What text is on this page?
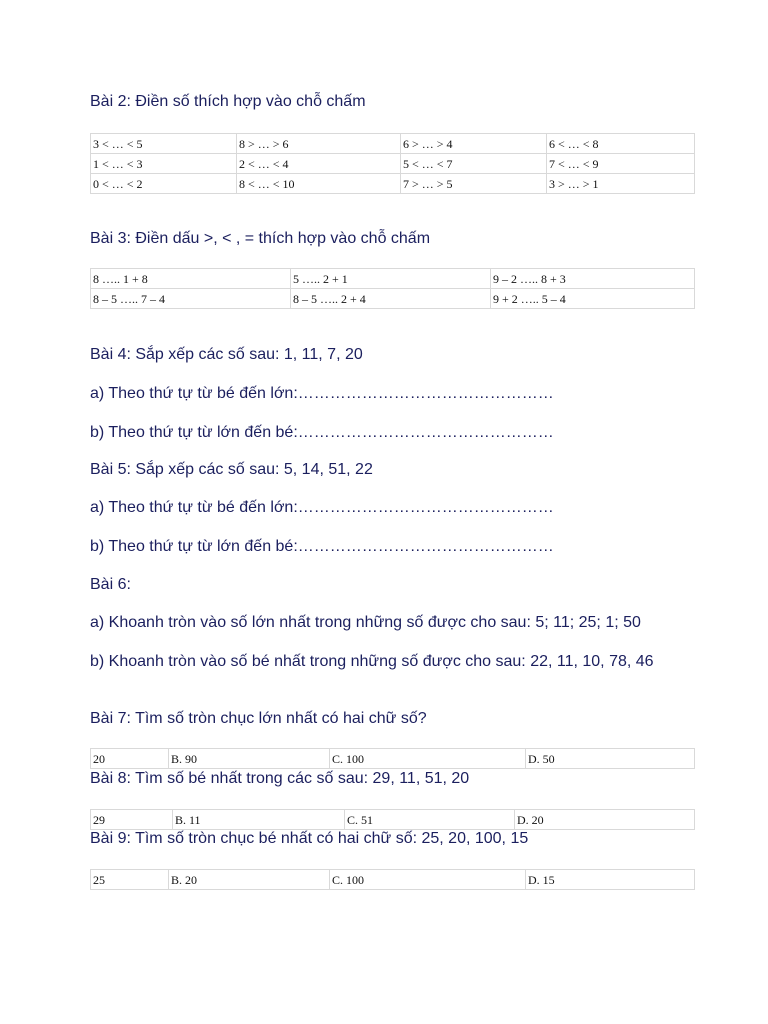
Bài 2: Điền số thích hợp vào chỗ chấm
3 < … < 5	8 > … > 6	6 > … > 4	6 < … < 8
1 < … < 3	2 < … < 4	5 < … < 7	7 < … < 9
0 < … < 2	8 < … < 10	7 > … > 5	3 > … > 1
Bài 3: Điền dấu >, < , = thích hợp vào chỗ chấm
8 ….. 1 + 8	5 ….. 2 + 1	9 – 2 ….. 8 + 3
8 – 5 ….. 7 – 4	8 – 5 ….. 2 + 4	9 + 2 ….. 5 – 4
Bài 4: Sắp xếp các số sau: 1, 11, 7, 20
a) Theo thứ tự từ bé đến lớn:…………………………………………
b) Theo thứ tự từ lớn đến bé:…………………………………………
Bài 5: Sắp xếp các số sau: 5, 14, 51, 22
a) Theo thứ tự từ bé đến lớn:…………………………………………
b) Theo thứ tự từ lớn đến bé:…………………………………………
Bài 6:
a) Khoanh tròn vào số lớn nhất trong những số được cho sau: 5; 11; 25; 1; 50
b) Khoanh tròn vào số bé nhất trong những số được cho sau: 22, 11, 10, 78, 46
Bài 7: Tìm số tròn chục lớn nhất có hai chữ số?
20	B. 90	C. 100	D. 50
Bài 8: Tìm số bé nhất trong các số sau: 29, 11, 51, 20
29	B. 11	C. 51	D. 20
Bài 9: Tìm số tròn chục bé nhất có hai chữ số: 25, 20, 100, 15
25	B. 20	C. 100	D. 15
